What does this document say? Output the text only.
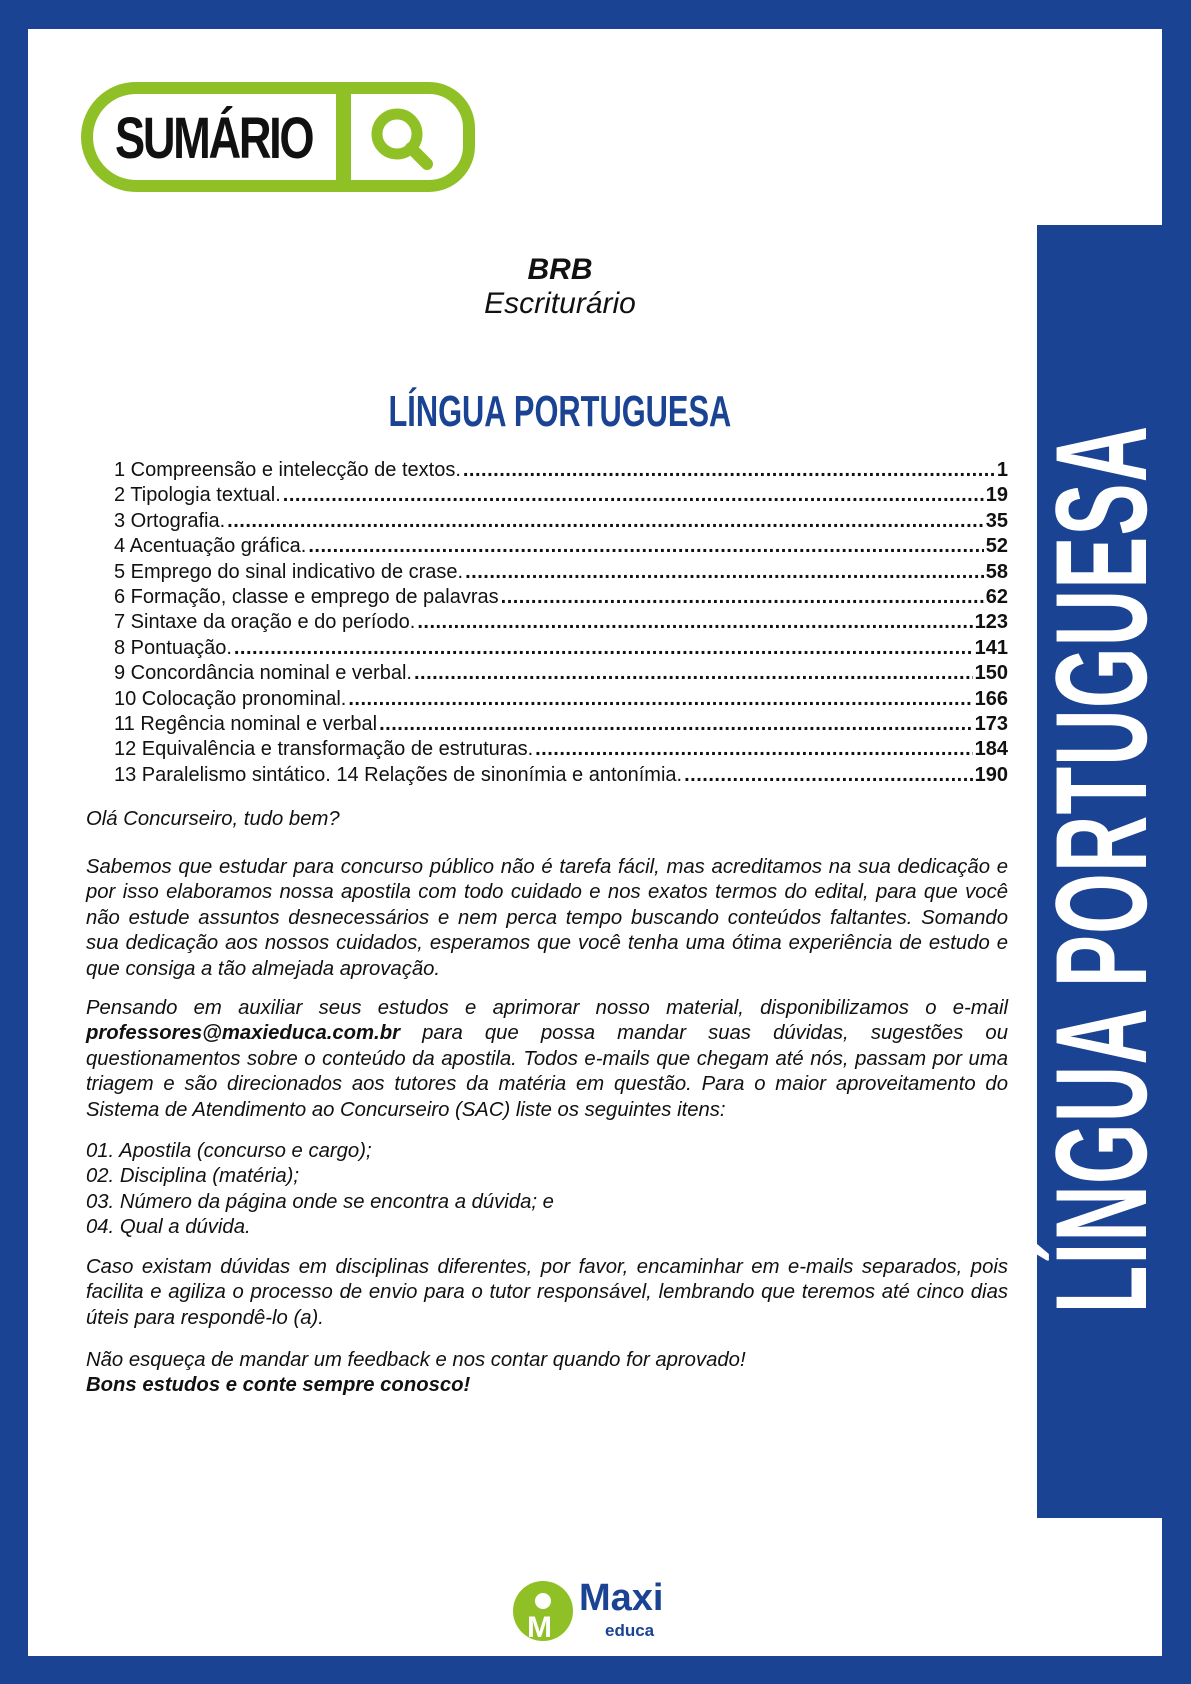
SUMÁRIO
LÍNGUA PORTUGUESA
BRB
Escriturário
LÍNGUA PORTUGUESA
1 Compreensão e intelecção de textos. .....	1
2 Tipologia textual. .....	19
3 Ortografia. .....	35
4 Acentuação gráfica. .....	52
5 Emprego do sinal indicativo de crase. .....	58
6 Formação, classe e emprego de palavras .....	62
7 Sintaxe da oração e do período. .....	123
8 Pontuação. .....	141
9 Concordância nominal e verbal. .....	150
10 Colocação pronominal. .....	166
11 Regência nominal e verbal .....	173
12 Equivalência e transformação de estruturas. .....	184
13 Paralelismo sintático. 14 Relações de sinonímia e antonímia. .....	190
Olá Concurseiro, tudo bem?
Sabemos que estudar para concurso público não é tarefa fácil, mas acreditamos na sua dedicação e por isso elaboramos nossa apostila com todo cuidado e nos exatos termos do edital, para que você não estude assuntos desnecessários e nem perca tempo buscando conteúdos faltantes. Somando sua dedicação aos nossos cuidados, esperamos que você tenha uma ótima experiência de estudo e que consiga a tão almejada aprovação.
Pensando em auxiliar seus estudos e aprimorar nosso material, disponibilizamos o e-mail professores@maxieduca.com.br para que possa mandar suas dúvidas, sugestões ou questionamentos sobre o conteúdo da apostila. Todos e-mails que chegam até nós, passam por uma triagem e são direcionados aos tutores da matéria em questão. Para o maior aproveitamento do Sistema de Atendimento ao Concurseiro (SAC) liste os seguintes itens:
01. Apostila (concurso e cargo);
02. Disciplina (matéria);
03. Número da página onde se encontra a dúvida; e
04. Qual a dúvida.
Caso existam dúvidas em disciplinas diferentes, por favor, encaminhar em e-mails separados, pois facilita e agiliza o processo de envio para o tutor responsável, lembrando que teremos até cinco dias úteis para respondê-lo (a).
Não esqueça de mandar um feedback e nos contar quando for aprovado!
Bons estudos e conte sempre conosco!
M
Maxi
educa
